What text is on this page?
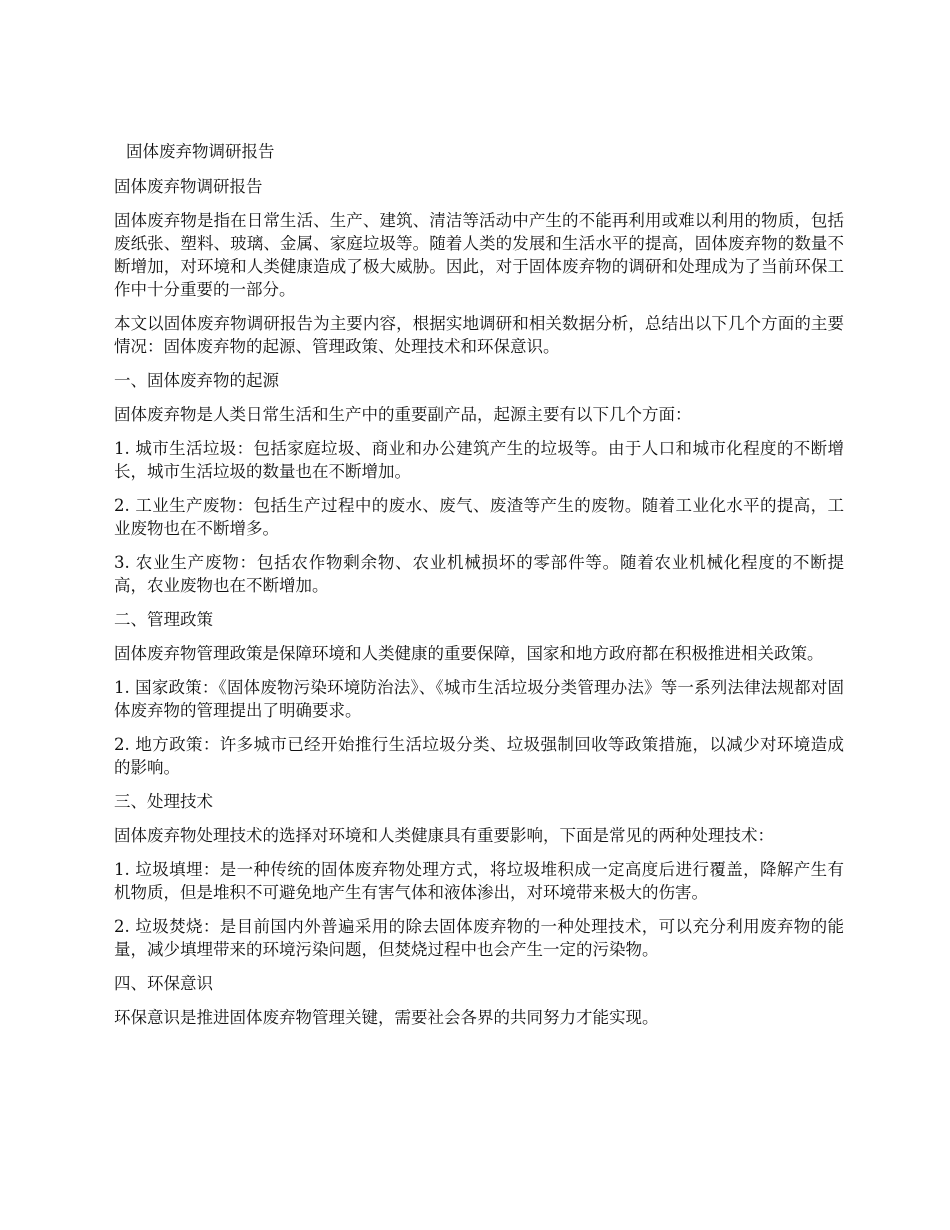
固体废弃物调研报告

固体废弃物调研报告

固体废弃物是指在日常生活、生产、建筑、清洁等活动中产生的不能再利用或难以利用的物质，包括废纸张、塑料、玻璃、金属、家庭垃圾等。随着人类的发展和生活水平的提高，固体废弃物的数量不断增加，对环境和人类健康造成了极大威胁。因此，对于固体废弃物的调研和处理成为了当前环保工作中十分重要的一部分。

本文以固体废弃物调研报告为主要内容，根据实地调研和相关数据分析，总结出以下几个方面的主要情况：固体废弃物的起源、管理政策、处理技术和环保意识。

一、固体废弃物的起源

固体废弃物是人类日常生活和生产中的重要副产品，起源主要有以下几个方面：

1. 城市生活垃圾：包括家庭垃圾、商业和办公建筑产生的垃圾等。由于人口和城市化程度的不断增长，城市生活垃圾的数量也在不断增加。

2. 工业生产废物：包括生产过程中的废水、废气、废渣等产生的废物。随着工业化水平的提高，工业废物也在不断增多。

3. 农业生产废物：包括农作物剩余物、农业机械损坏的零部件等。随着农业机械化程度的不断提高，农业废物也在不断增加。

二、管理政策

固体废弃物管理政策是保障环境和人类健康的重要保障，国家和地方政府都在积极推进相关政策。

1. 国家政策：《固体废物污染环境防治法》、《城市生活垃圾分类管理办法》等一系列法律法规都对固体废弃物的管理提出了明确要求。

2. 地方政策：许多城市已经开始推行生活垃圾分类、垃圾强制回收等政策措施，以减少对环境造成的影响。

三、处理技术

固体废弃物处理技术的选择对环境和人类健康具有重要影响，下面是常见的两种处理技术：

1. 垃圾填埋：是一种传统的固体废弃物处理方式，将垃圾堆积成一定高度后进行覆盖，降解产生有机物质，但是堆积不可避免地产生有害气体和液体渗出，对环境带来极大的伤害。

2. 垃圾焚烧：是目前国内外普遍采用的除去固体废弃物的一种处理技术，可以充分利用废弃物的能量，减少填埋带来的环境污染问题，但焚烧过程中也会产生一定的污染物。

四、环保意识

环保意识是推进固体废弃物管理关键，需要社会各界的共同努力才能实现。
